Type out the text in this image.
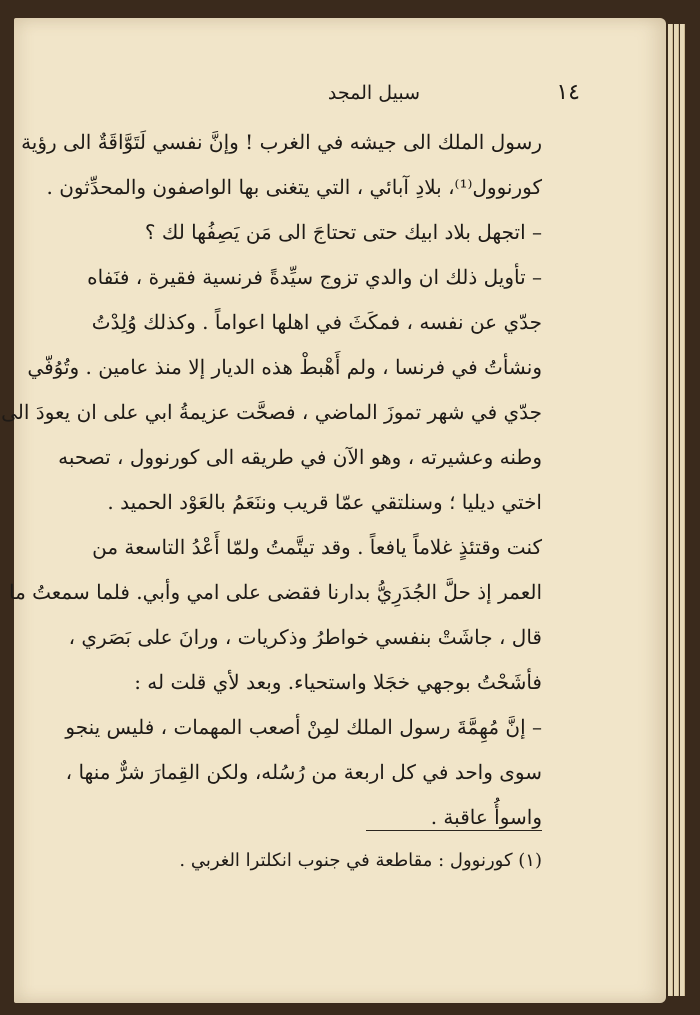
١٤
سبيل المجد
رسول الملك الى جيشه في الغرب ! وإنَّ نفسي لَتَوَّاقَةٌ الى رؤية
كورنوول⁽¹⁾، بلادِ آبائي ، التي يتغنى بها الواصفون والمحدِّثون .
– اتجهل بلاد ابيك حتى تحتاجَ الى مَن يَصِفُها لك ؟
– تأويل ذلك ان والدي تزوج سيِّدةً فرنسية فقيرة ، فنَفاه
جدّي عن نفسه ، فمكَثَ في اهلها اعواماً . وكذلك وُلِدْتُ
ونشأتُ في فرنسا ، ولم أَهْبطْ هذه الديار إلا منذ عامين . وتُوُفّي
جدّي في شهر تموزَ الماضي ، فصحَّت عزيمةُ ابي على ان يعودَ الى
وطنه وعشيرته ، وهو الآن في طريقه الى كورنوول ، تصحبه
اختي ديليا ؛ وسنلتقي عمّا قريب وننَعَمُ بالعَوْد الحميد .
كنت وقتئذٍ غلاماً يافعاً . وقد تيتَّمتُ ولمّا أَعْدُ التاسعة من
العمر إذ حلَّ الجُدَرِيُّ بدارنا فقضى على امي وأبي. فلما سمعتُ ما
قال ، جاشَتْ بنفسي خواطرُ وذكريات ، ورانَ على بَصَري ،
فأشَحْتُ بوجهي خجَلا واستحياء. وبعد لأي قلت له :
– إنَّ مُهِمَّةَ رسول الملك لمِنْ أصعب المهمات ، فليس ينجو
سوى واحد في كل اربعة من رُسُله، ولكن القِمارَ شرٌّ منها ،
واسوأُ عاقبة .
(١) كورنوول : مقاطعة في جنوب انكلترا الغربي .
